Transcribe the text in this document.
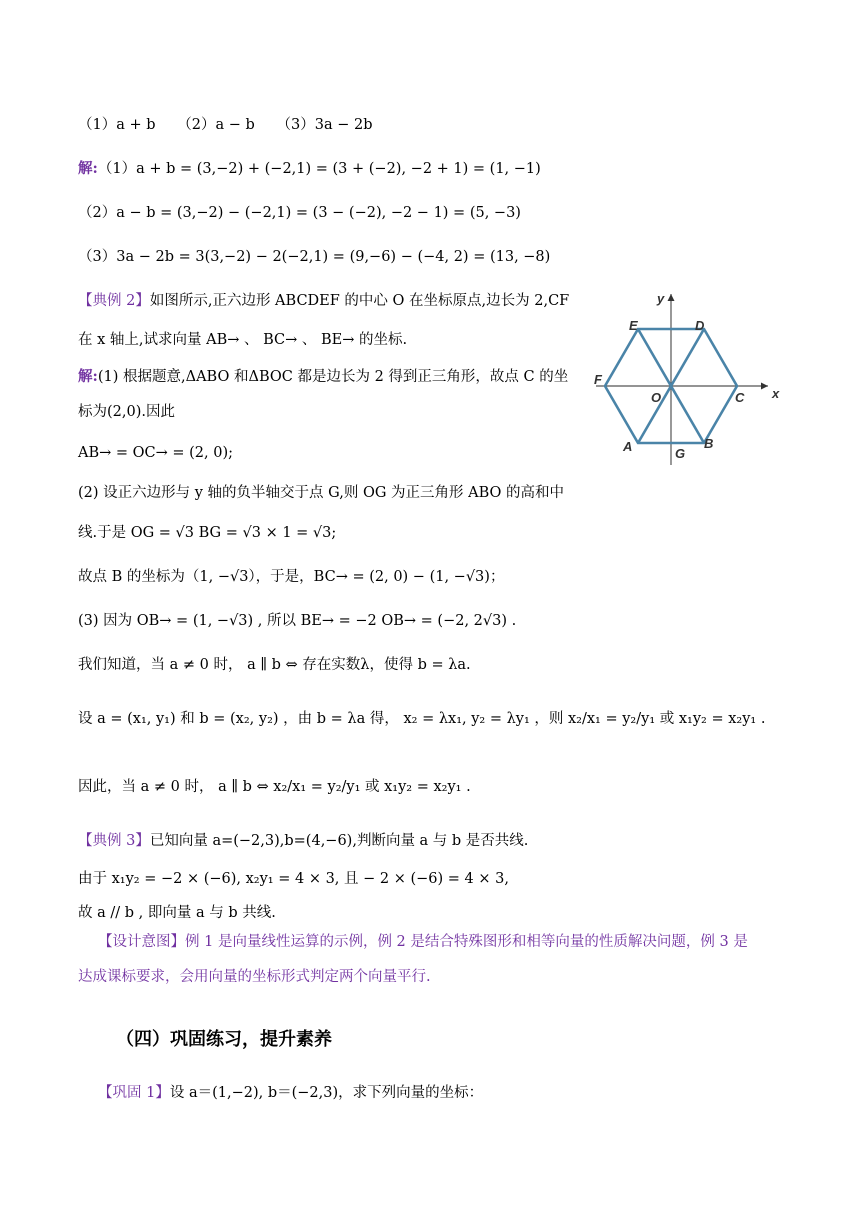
（1）a + b　　（2）a − b　　（3）3a − 2b
解:（1）a + b = (3,−2) + (−2,1) = (3 + (−2), −2 + 1) = (1, −1)
（2）a − b = (3,−2) − (−2,1) = (3 − (−2), −2 − 1) = (5, −3)
（3）3a − 2b = 3(3,−2) − 2(−2,1) = (9,−6) − (−4, 2) = (13, −8)
【典例 2】如图所示,正六边形 ABCDEF 的中心 O 在坐标原点,边长为 2,CF
在 x 轴上,试求向量 AB→ 、 BC→ 、 BE→ 的坐标.
解:(1) 根据题意,ΔABO 和ΔBOC 都是边长为 2 得到正三角形，故点 C 的坐
标为(2,0).因此
AB→ = OC→ = (2, 0);
(2) 设正六边形与 y 轴的负半轴交于点 G,则 OG 为正三角形 ABO 的高和中
线.于是 OG = √3 BG = √3 × 1 = √3;
故点 B 的坐标为（1, −√3），于是，BC→ = (2, 0) − (1, −√3)；
(3) 因为 OB→ = (1, −√3) , 所以 BE→ = −2 OB→ = (−2, 2√3) .
我们知道，当 a ≠ 0 时， a ∥ b ⇔ 存在实数λ，使得 b = λa.
设 a = (x₁, y₁) 和 b = (x₂, y₂) ，由 b = λa 得， x₂ = λx₁, y₂ = λy₁ ，则 x₂/x₁ = y₂/y₁ 或 x₁y₂ = x₂y₁ .
因此，当 a ≠ 0 时， a ∥ b ⇔ x₂/x₁ = y₂/y₁ 或 x₁y₂ = x₂y₁ .
【典例 3】已知向量 a=(−2,3),b=(4,−6),判断向量 a 与 b 是否共线.
由于 x₁y₂ = −2 × (−6), x₂y₁ = 4 × 3, 且 − 2 × (−6) = 4 × 3,
故 a // b , 即向量 a 与 b 共线.
【设计意图】例 1 是向量线性运算的示例，例 2 是结合特殊图形和相等向量的性质解决问题，例 3 是
达成课标要求，会用向量的坐标形式判定两个向量平行.
（四）巩固练习，提升素养
【巩固 1】设 a＝(1,−2), b＝(−2,3)，求下列向量的坐标：
y
x
E	D
F
O	C
A	B
G
